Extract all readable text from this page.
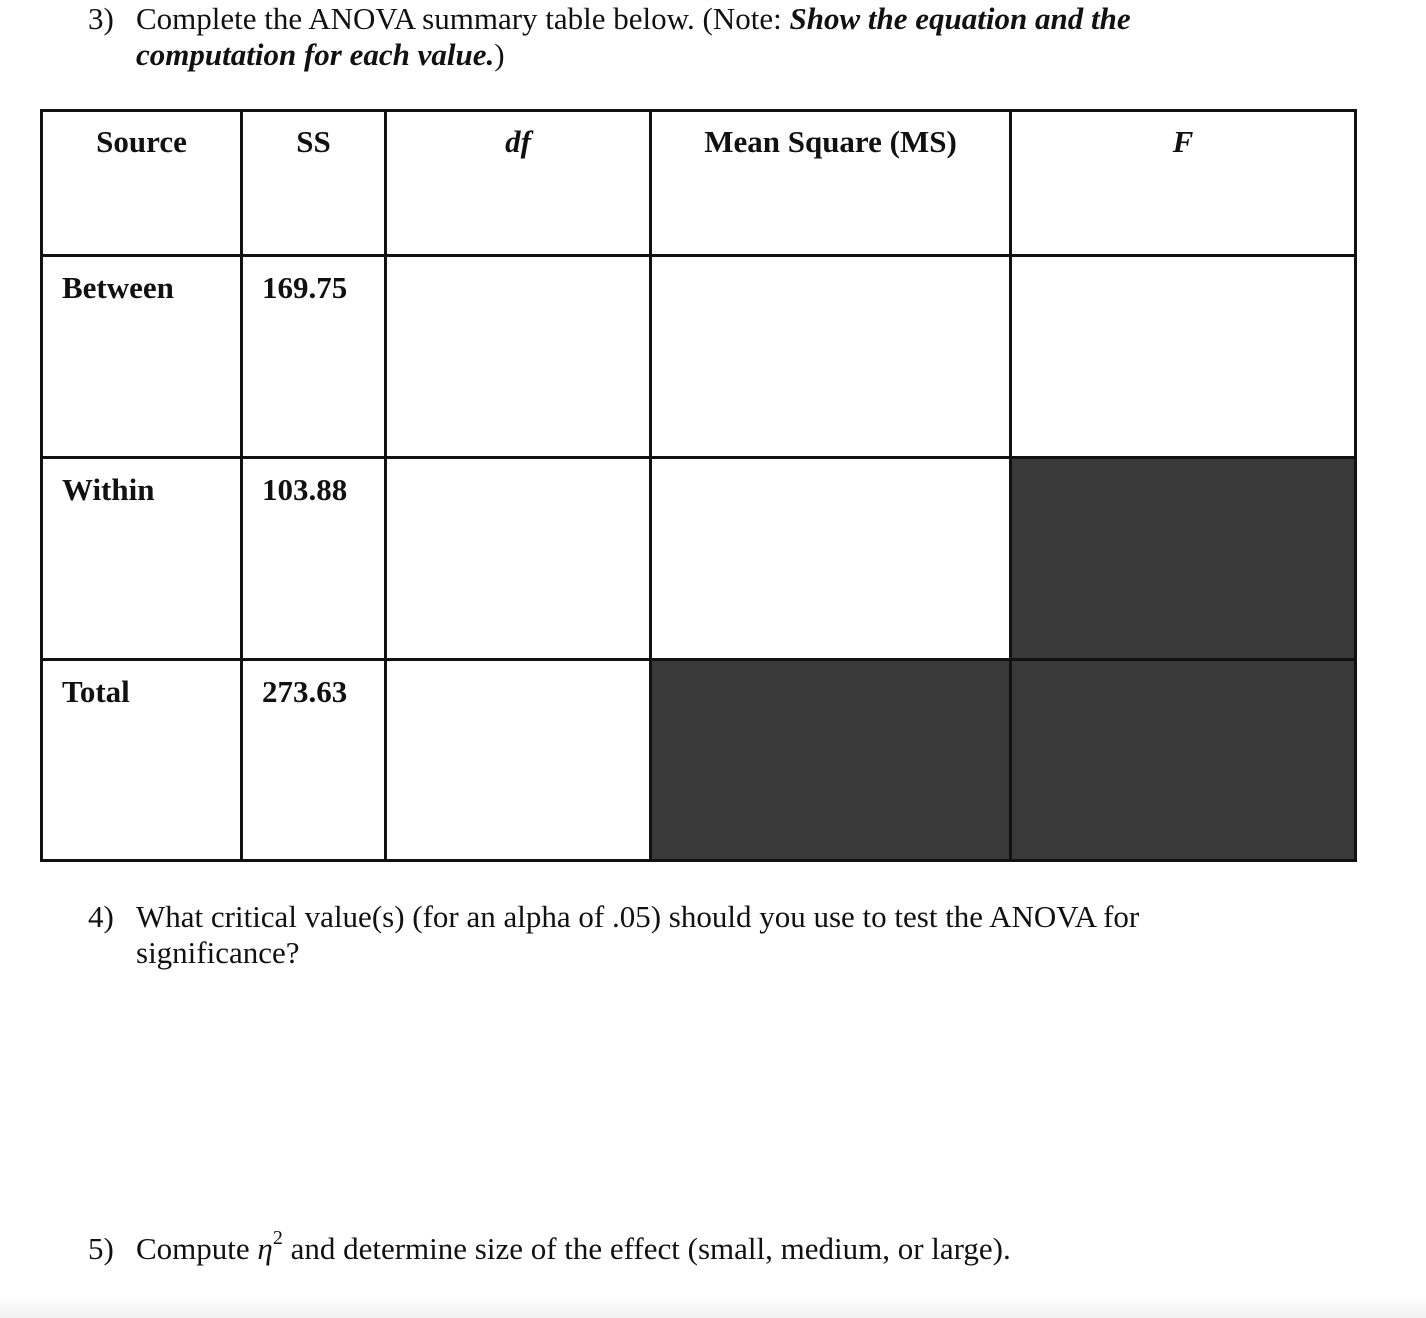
3) Complete the ANOVA summary table below. (Note: Show the equation and the computation for each value.)
Source	SS	df	Mean Square (MS)	F

Between	169.75			

Within	103.88			

Total	273.63			

4) What critical value(s) (for an alpha of .05) should you use to test the ANOVA for significance?
5) Compute $\eta^2$ and determine size of the effect (small, medium, or large).
